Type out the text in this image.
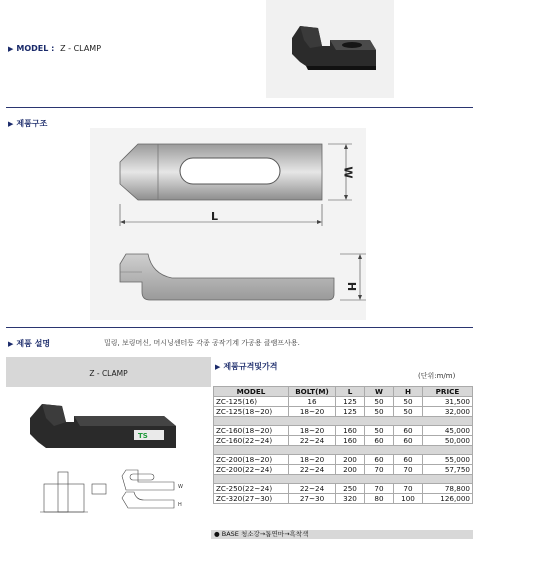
▶ MODEL : Z - CLAMP
▶ 제품구조
W
L
H
▶ 제품 설명	밀링, 보링머신, 머시닝센터등 각종 공작기계 가공용 클램프사용.
Z - CLAMP
TS
W
H
▶ 제품규격및가격
(단위:m/m)
MODEL	BOLT(M)	L	W	H	PRICE
ZC-125(16)	16	125	50	50	31,500
ZC-125(18~20)	18~20	125	50	50	32,000

ZC-160(18~20)	18~20	160	50	60	45,000
ZC-160(22~24)	22~24	160	60	60	50,000

ZC-200(18~20)	18~20	200	60	60	55,000
ZC-200(22~24)	22~24	200	70	70	57,750

ZC-250(22~24)	22~24	250	70	70	78,800
ZC-320(27~30)	27~30	320	80	100	126,000
● BASE 청소강→톱연마→흑착색
